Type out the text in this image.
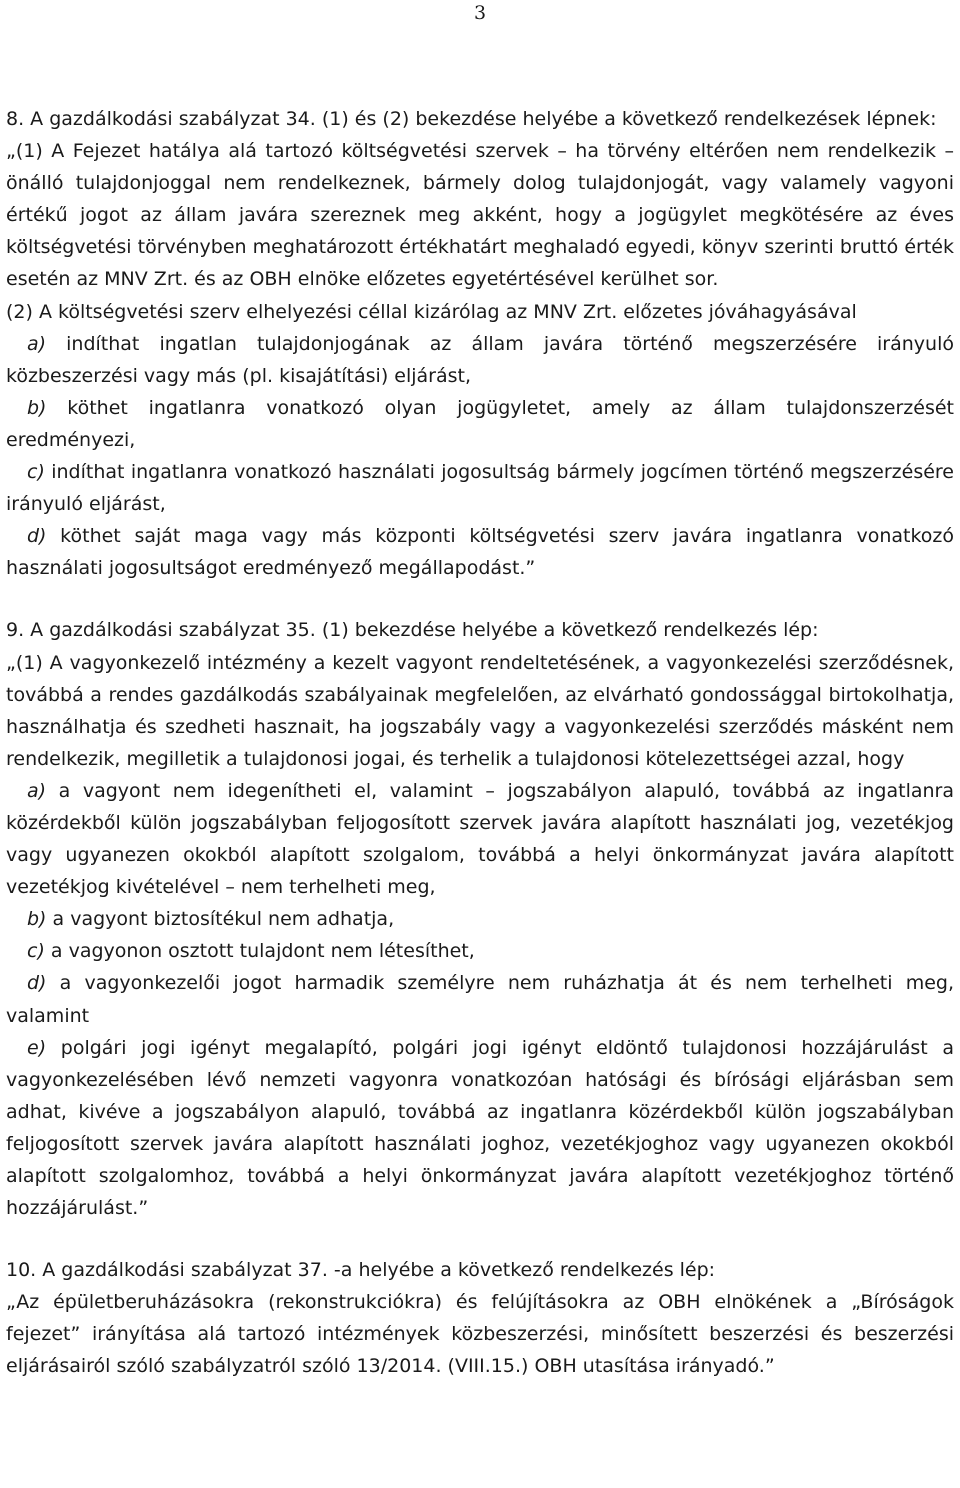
3

8. A gazdálkodási szabályzat 34. (1) és (2) bekezdése helyébe a következő rendelkezések lépnek:

„(1) A Fejezet hatálya alá tartozó költségvetési szervek – ha törvény eltérően nem rendelkezik – önálló tulajdonjoggal nem rendelkeznek, bármely dolog tulajdonjogát, vagy valamely vagyoni értékű jogot az állam javára szereznek meg akként, hogy a jogügylet megkötésére az éves költségvetési törvényben meghatározott értékhatárt meghaladó egyedi, könyv szerinti bruttó érték esetén az MNV Zrt. és az OBH elnöke előzetes egyetértésével kerülhet sor.

(2) A költségvetési szerv elhelyezési céllal kizárólag az MNV Zrt. előzetes jóváhagyásával

a) indíthat ingatlan tulajdonjogának az állam javára történő megszerzésére irányuló közbeszerzési vagy más (pl. kisajátítási) eljárást,

b) köthet ingatlanra vonatkozó olyan jogügyletet, amely az állam tulajdonszerzését eredményezi,

c) indíthat ingatlanra vonatkozó használati jogosultság bármely jogcímen történő megszerzésére irányuló eljárást,

d) köthet saját maga vagy más központi költségvetési szerv javára ingatlanra vonatkozó használati jogosultságot eredményező megállapodást.”

9. A gazdálkodási szabályzat 35. (1) bekezdése helyébe a következő rendelkezés lép:

„(1) A vagyonkezelő intézmény a kezelt vagyont rendeltetésének, a vagyonkezelési szerződésnek, továbbá a rendes gazdálkodás szabályainak megfelelően, az elvárható gondossággal birtokolhatja, használhatja és szedheti hasznait, ha jogszabály vagy a vagyonkezelési szerződés másként nem rendelkezik, megilletik a tulajdonosi jogai, és terhelik a tulajdonosi kötelezettségei azzal, hogy

a) a vagyont nem idegenítheti el, valamint – jogszabályon alapuló, továbbá az ingatlanra közérdekből külön jogszabályban feljogosított szervek javára alapított használati jog, vezetékjog vagy ugyanezen okokból alapított szolgalom, továbbá a helyi önkormányzat javára alapított vezetékjog kivételével – nem terhelheti meg,

b) a vagyont biztosítékul nem adhatja,

c) a vagyonon osztott tulajdont nem létesíthet,

d) a vagyonkezelői jogot harmadik személyre nem ruházhatja át és nem terhelheti meg, valamint

e) polgári jogi igényt megalapító, polgári jogi igényt eldöntő tulajdonosi hozzájárulást a vagyonkezelésében lévő nemzeti vagyonra vonatkozóan hatósági és bírósági eljárásban sem adhat, kivéve a jogszabályon alapuló, továbbá az ingatlanra közérdekből külön jogszabályban feljogosított szervek javára alapított használati joghoz, vezetékjoghoz vagy ugyanezen okokból alapított szolgalomhoz, továbbá a helyi önkormányzat javára alapított vezetékjoghoz történő hozzájárulást.”

10. A gazdálkodási szabályzat 37. -a helyébe a következő rendelkezés lép:

„Az épületberuházásokra (rekonstrukciókra) és felújításokra az OBH elnökének a „Bíróságok fejezet” irányítása alá tartozó intézmények közbeszerzési, minősített beszerzési és beszerzési eljárásairól szóló szabályzatról szóló 13/2014. (VIII.15.) OBH utasítása irányadó.”
